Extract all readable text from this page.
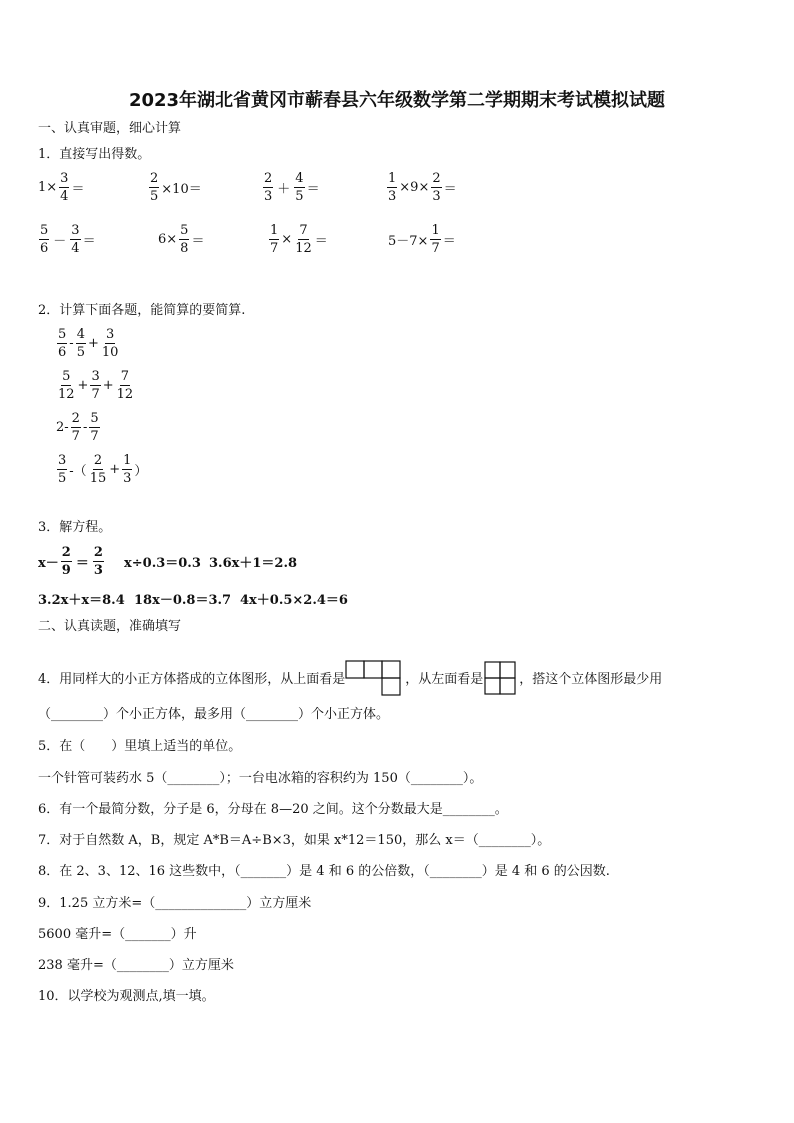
2023年湖北省黄冈市蕲春县六年级数学第二学期期末考试模拟试题
一、认真审题，细心计算
1．直接写出得数。
$1\times \frac{3}{4}$ ＝	$\frac{2}{5} \times 10=$	$\frac{2}{3} + \frac{4}{5}$ ＝	$\frac{1}{3} \times 9\times \frac{2}{3}$ ＝
$\frac{5}{6} - \frac{3}{4}$ ＝	$6\times \frac{5}{8}$ ＝	$\frac{1}{7} \times \frac{7}{12}$ ＝	$5-7\times \frac{1}{7}$ ＝
2．计算下面各题，能简算的要简算.
$\frac{5}{6} - \frac{4}{5} + \frac{3}{10}$
$\frac{5}{12} + \frac{3}{7} + \frac{7}{12}$
$2- \frac{2}{7} - \frac{5}{7}$
$\frac{3}{5}$ -（ $\frac{2}{15} + \frac{1}{3}$ ）
3．解方程。
$x- \frac{2}{9} = \frac{2}{3} x\div 0.3=0.3$ 3.6x＋1＝2.8
3.2x＋x＝8.4 18x－0.8＝3.7 4x＋0.5×2.4＝6
二、认真读题，准确填写
4．用同样大的小正方体搭成的立体图形，从上面看是	，从左面看是	，搭这个立体图形最少用
（________）个小正方体，最多用（________）个小正方体。
5．在（　　）里填上适当的单位。
一个针管可装药水 5（________）；一台电冰箱的容积约为 150（________）。
6．有一个最简分数，分子是 6，分母在 8—20 之间。这个分数最大是________。
7．对于自然数 A，B，规定 A*B＝A÷B×3，如果 x*12＝150，那么 x＝（________）。
8．在 2、3、12、16 这些数中，（_______）是 4 和 6 的公倍数，（________）是 4 和 6 的公因数.
9．1.25 立方米=（______________）立方厘米
5600 毫升=（_______）升
238 毫升=（________）立方厘米
10．以学校为观测点,填一填。
